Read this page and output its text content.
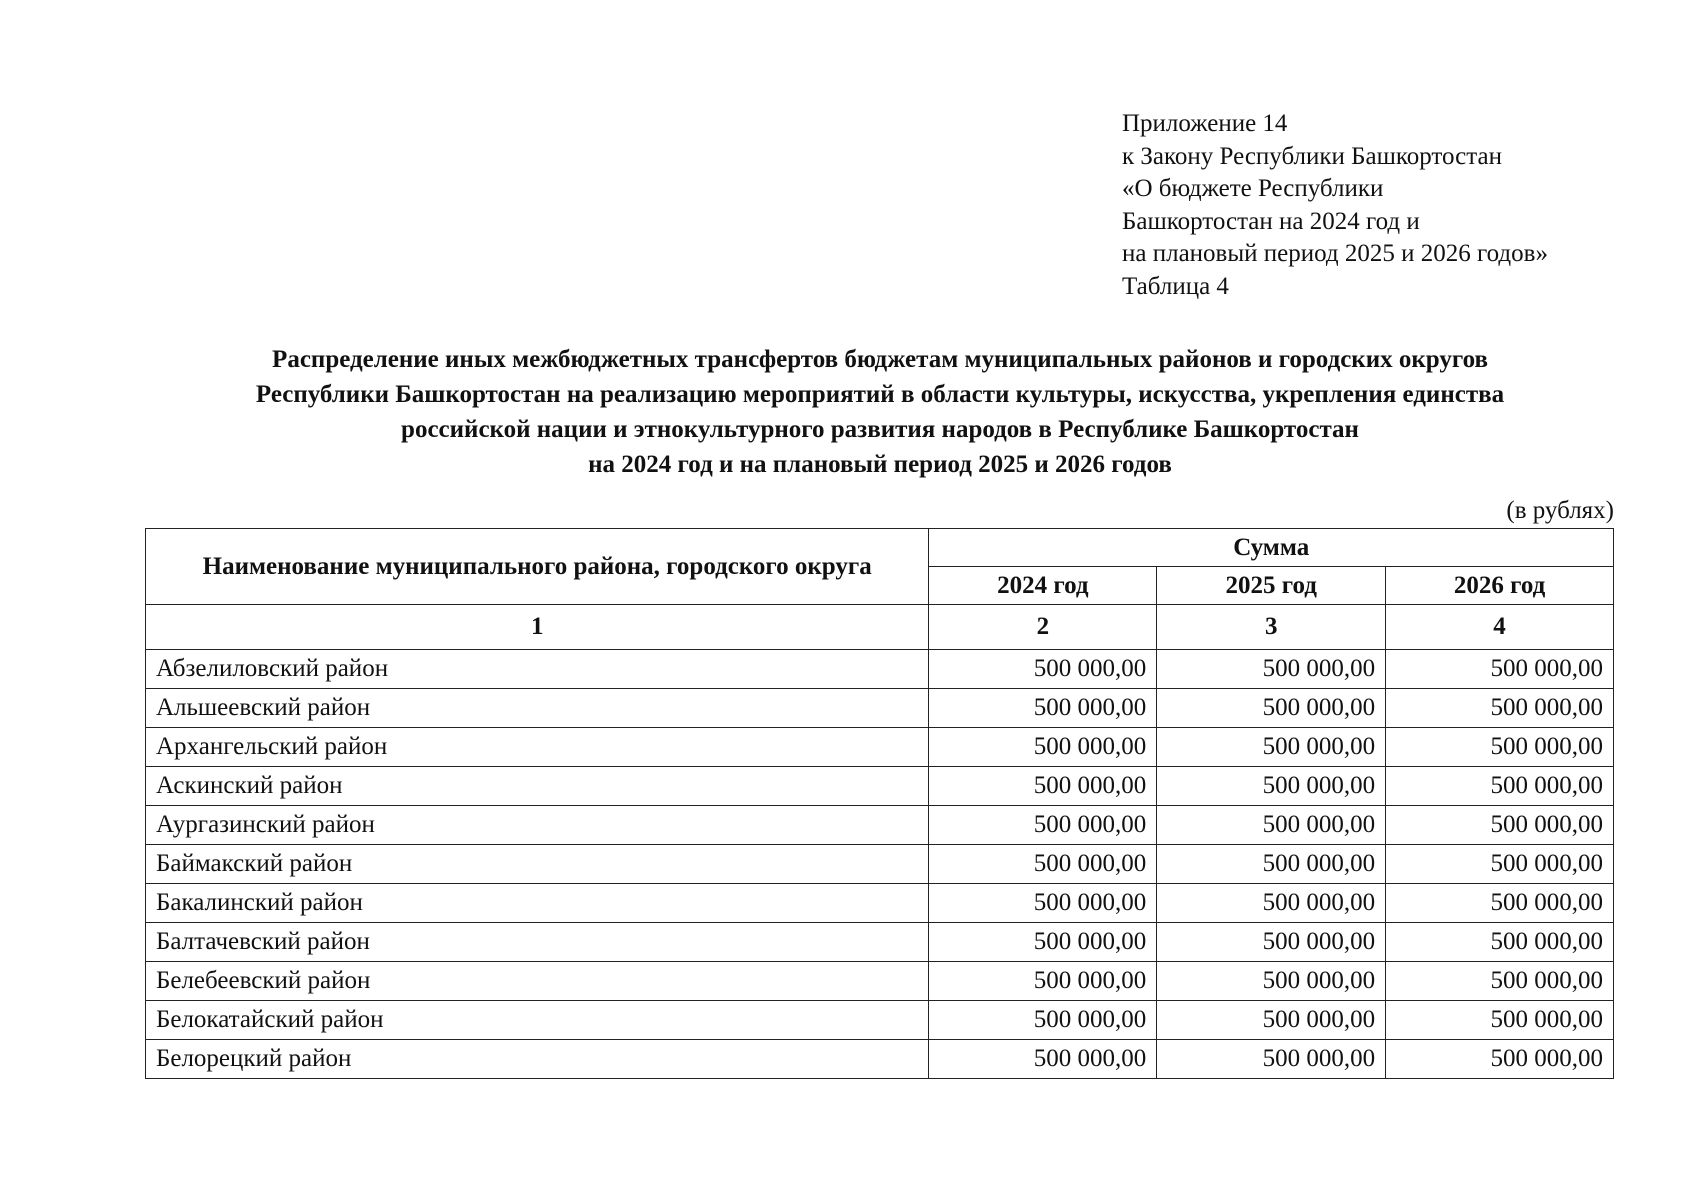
Приложение 14
к Закону Республики Башкортостан
«О бюджете Республики
Башкортостан на 2024 год и
на плановый период 2025 и 2026 годов»
Таблица 4
Распределение иных межбюджетных трансфертов бюджетам муниципальных районов и городских округов
Республики Башкортостан на реализацию мероприятий в области культуры, искусства, укрепления единства
российской нации и этнокультурного развития народов в Республике Башкортостан
на 2024 год и на плановый период 2025 и 2026 годов
(в рублях)
Наименование муниципального района, городского округа	Сумма		
	2024 год	2025 год	2026 год
1	2	3	4
Абзелиловский район	500 000,00	500 000,00	500 000,00
Альшеевский район	500 000,00	500 000,00	500 000,00
Архангельский район	500 000,00	500 000,00	500 000,00
Аскинский район	500 000,00	500 000,00	500 000,00
Аургазинский район	500 000,00	500 000,00	500 000,00
Баймакский район	500 000,00	500 000,00	500 000,00
Бакалинский район	500 000,00	500 000,00	500 000,00
Балтачевский район	500 000,00	500 000,00	500 000,00
Белебеевский район	500 000,00	500 000,00	500 000,00
Белокатайский район	500 000,00	500 000,00	500 000,00
Белорецкий район	500 000,00	500 000,00	500 000,00
